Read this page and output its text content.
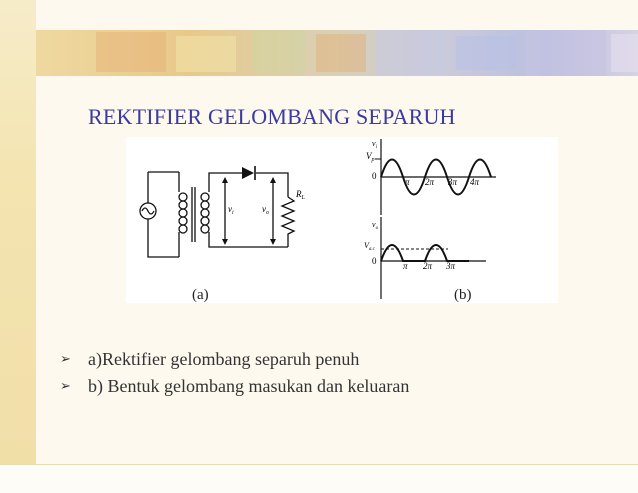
REKTIFIER GELOMBANG SEPARUH
$v_i$	$v_o$
$R_L$
$v_i$
$V_p$
0
π 2π 3π 4π
$v_o$
$V_{a.c}$
0	π 2π 3π
(a)	(b)
➢ a)Rektifier gelombang separuh penuh
➢ b) Bentuk gelombang masukan dan keluaran
